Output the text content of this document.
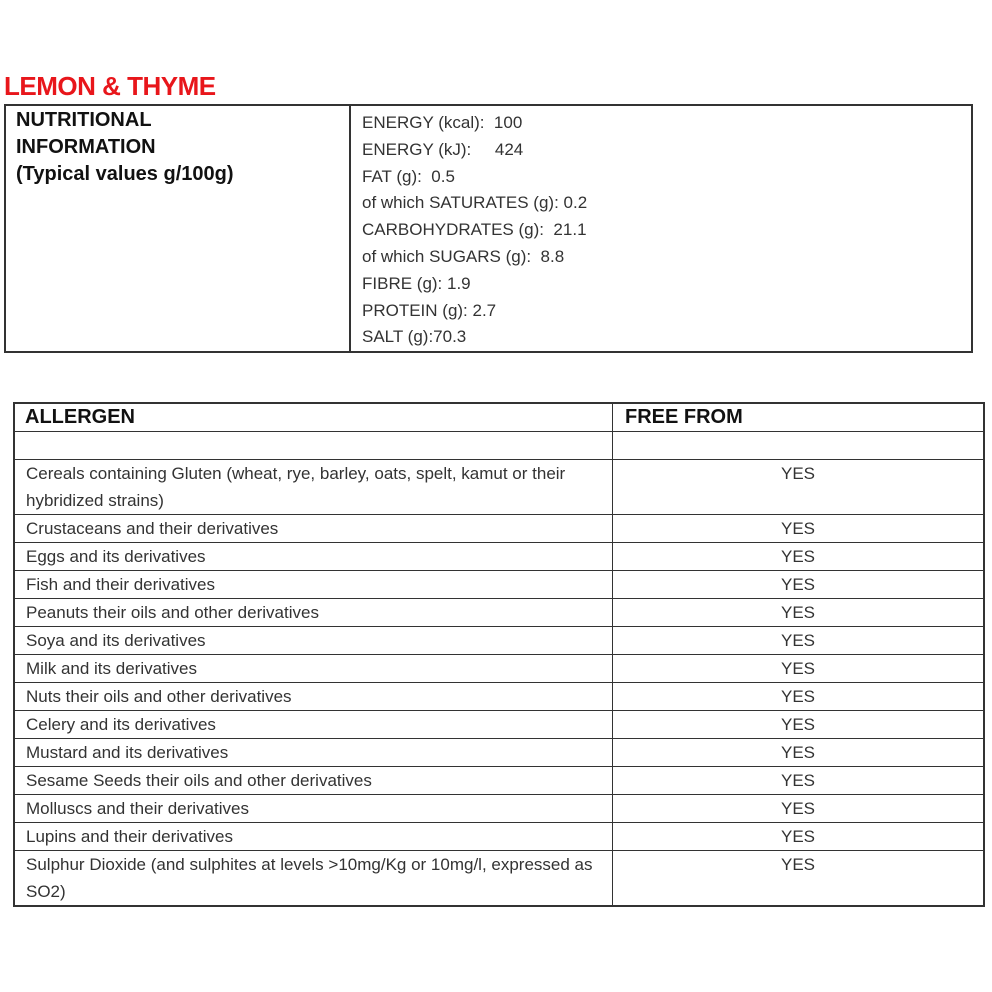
LEMON & THYME
NUTRITIONAL
INFORMATION
(Typical values g/100g)

ENERGY (kcal):  100
ENERGY (kJ):     424
FAT (g):  0.5
of which SATURATES (g): 0.2
CARBOHYDRATES (g):  21.1
of which SUGARS (g):  8.8
FIBRE (g): 1.9
PROTEIN (g): 2.7
SALT (g):70.3
ALLERGEN	FREE FROM

Cereals containing Gluten (wheat, rye, barley, oats, spelt, kamut or their hybridized strains)	YES
Crustaceans and their derivatives	YES
Eggs and its derivatives	YES
Fish and their derivatives	YES
Peanuts their oils and other derivatives	YES
Soya and its derivatives	YES
Milk and its derivatives	YES
Nuts their oils and other derivatives	YES
Celery and its derivatives	YES
Mustard and its derivatives	YES
Sesame Seeds their oils and other derivatives	YES
Molluscs and their derivatives	YES
Lupins and their derivatives	YES
Sulphur Dioxide (and sulphites at levels >10mg/Kg or 10mg/l, expressed as SO2)	YES
